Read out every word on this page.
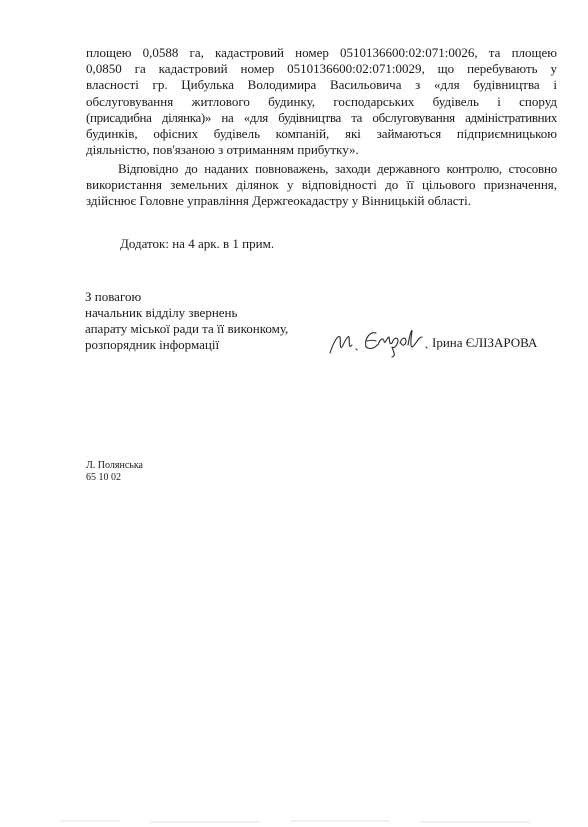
площею 0,0588 га, кадастровий номер 0510136600:02:071:0026, та площею
0,0850 га кадастровий номер 0510136600:02:071:0029, що перебувають у
власності гр. Цибулька Володимира Васильовича з «для будівництва і
обслуговування житлового будинку, господарських будівель і споруд
(присадибна ділянка)» на «для будівництва та обслуговування адміністративних
будинків, офісних будівель компаній, які займаються підприємницькою
діяльністю, пов'язаною з отриманням прибутку».
Відповідно до наданих повноважень, заходи державного контролю, стосовно
використання земельних ділянок у відповідності до її цільового призначення,
здійснює Головне управління Держгеокадастру у Вінницькій області.
Додаток: на 4 арк. в 1 прим.
З повагою
начальник відділу звернень
апарату міської ради та її виконкому,
розпорядник інформації	Ірина ЄЛІЗАРОВА
Л. Полянська
65 10 02
